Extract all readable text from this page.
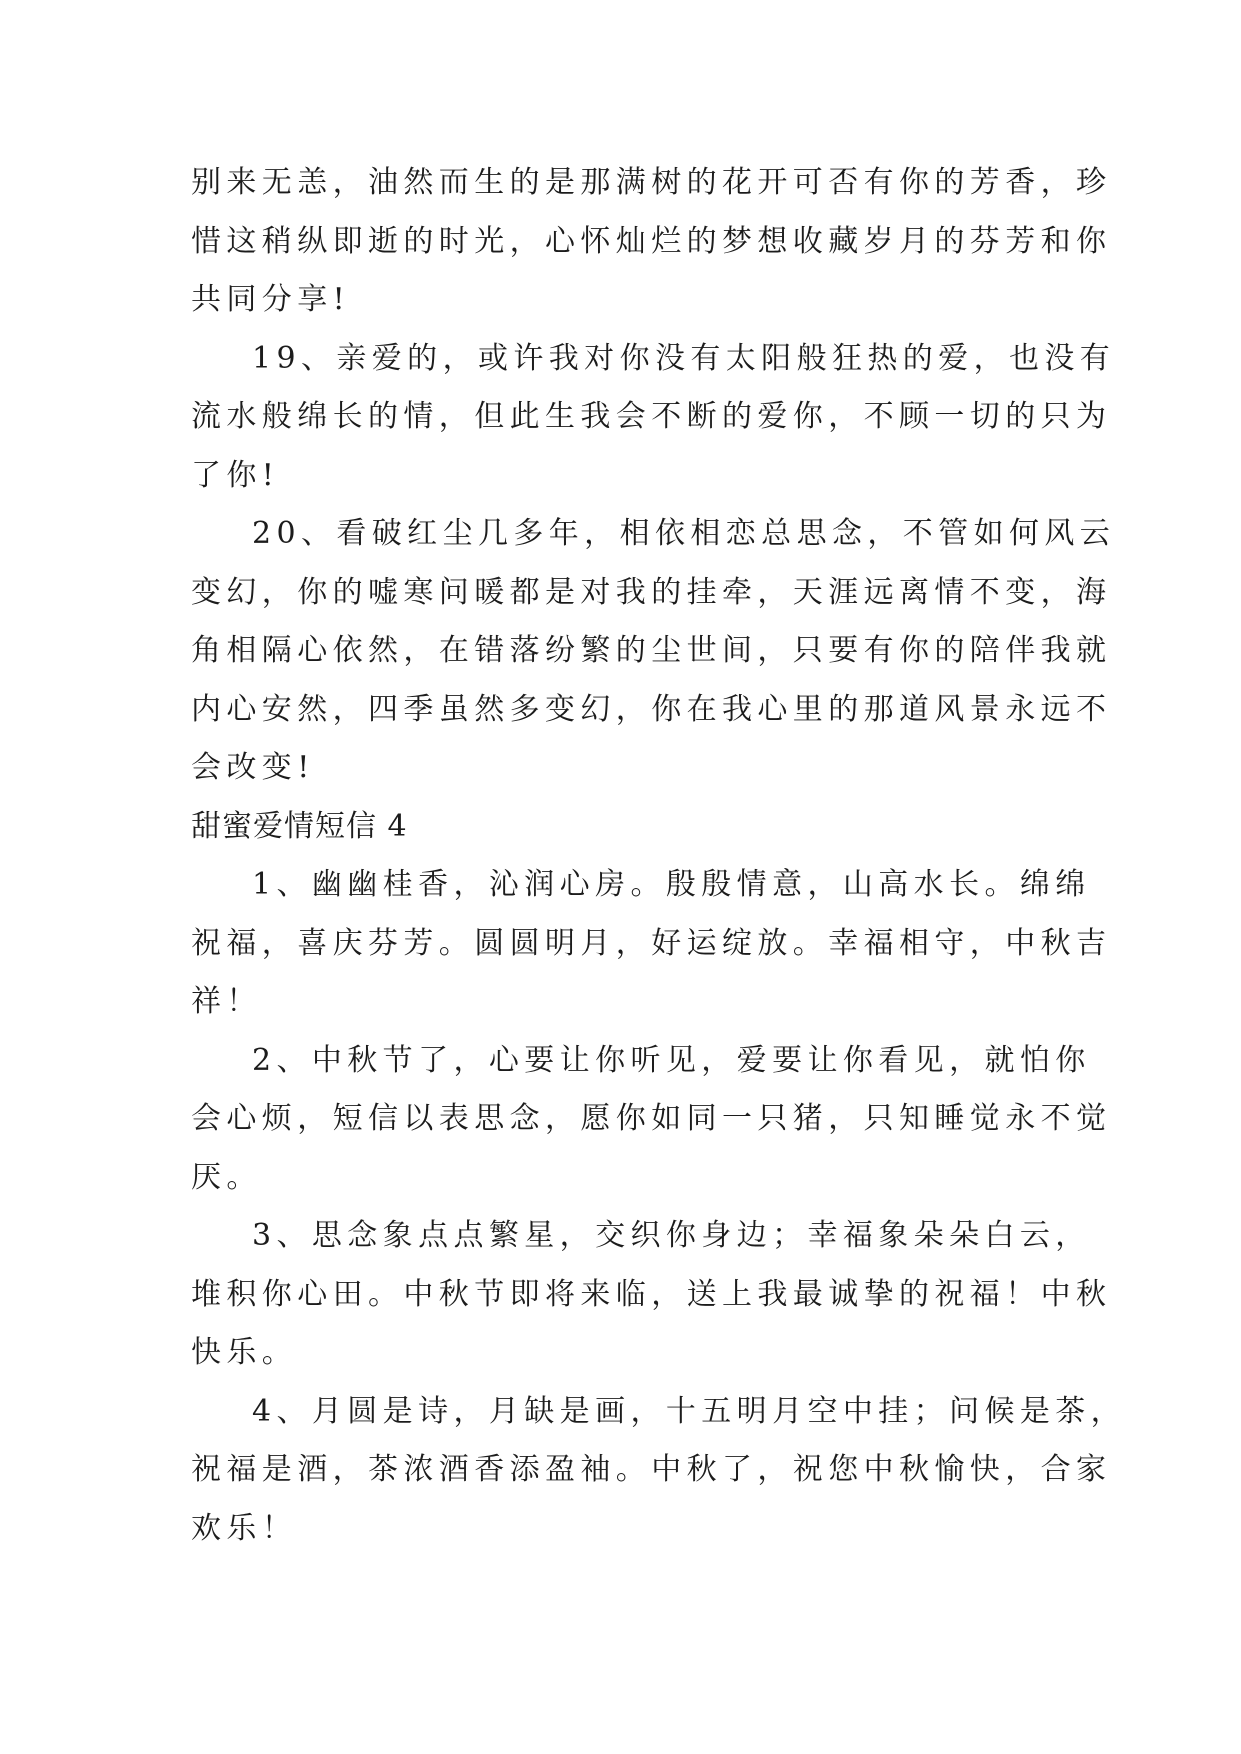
别来无恙，油然而生的是那满树的花开可否有你的芳香，珍
惜这稍纵即逝的时光，心怀灿烂的梦想收藏岁月的芬芳和你
共同分享!
19、亲爱的，或许我对你没有太阳般狂热的爱，也没有
流水般绵长的情，但此生我会不断的爱你，不顾一切的只为
了你!
20、看破红尘几多年，相依相恋总思念，不管如何风云
变幻，你的嘘寒问暖都是对我的挂牵，天涯远离情不变，海
角相隔心依然，在错落纷繁的尘世间，只要有你的陪伴我就
内心安然，四季虽然多变幻，你在我心里的那道风景永远不
会改变!
甜蜜爱情短信 4
1、幽幽桂香，沁润心房。殷殷情意，山高水长。绵绵
祝福，喜庆芬芳。圆圆明月，好运绽放。幸福相守，中秋吉
祥！
2、中秋节了，心要让你听见，爱要让你看见，就怕你
会心烦，短信以表思念，愿你如同一只猪，只知睡觉永不觉
厌。
3、思念象点点繁星，交织你身边；幸福象朵朵白云，
堆积你心田。中秋节即将来临，送上我最诚挚的祝福！中秋
快乐。
4、月圆是诗，月缺是画，十五明月空中挂；问候是茶，
祝福是酒，茶浓酒香添盈袖。中秋了，祝您中秋愉快，合家
欢乐！
